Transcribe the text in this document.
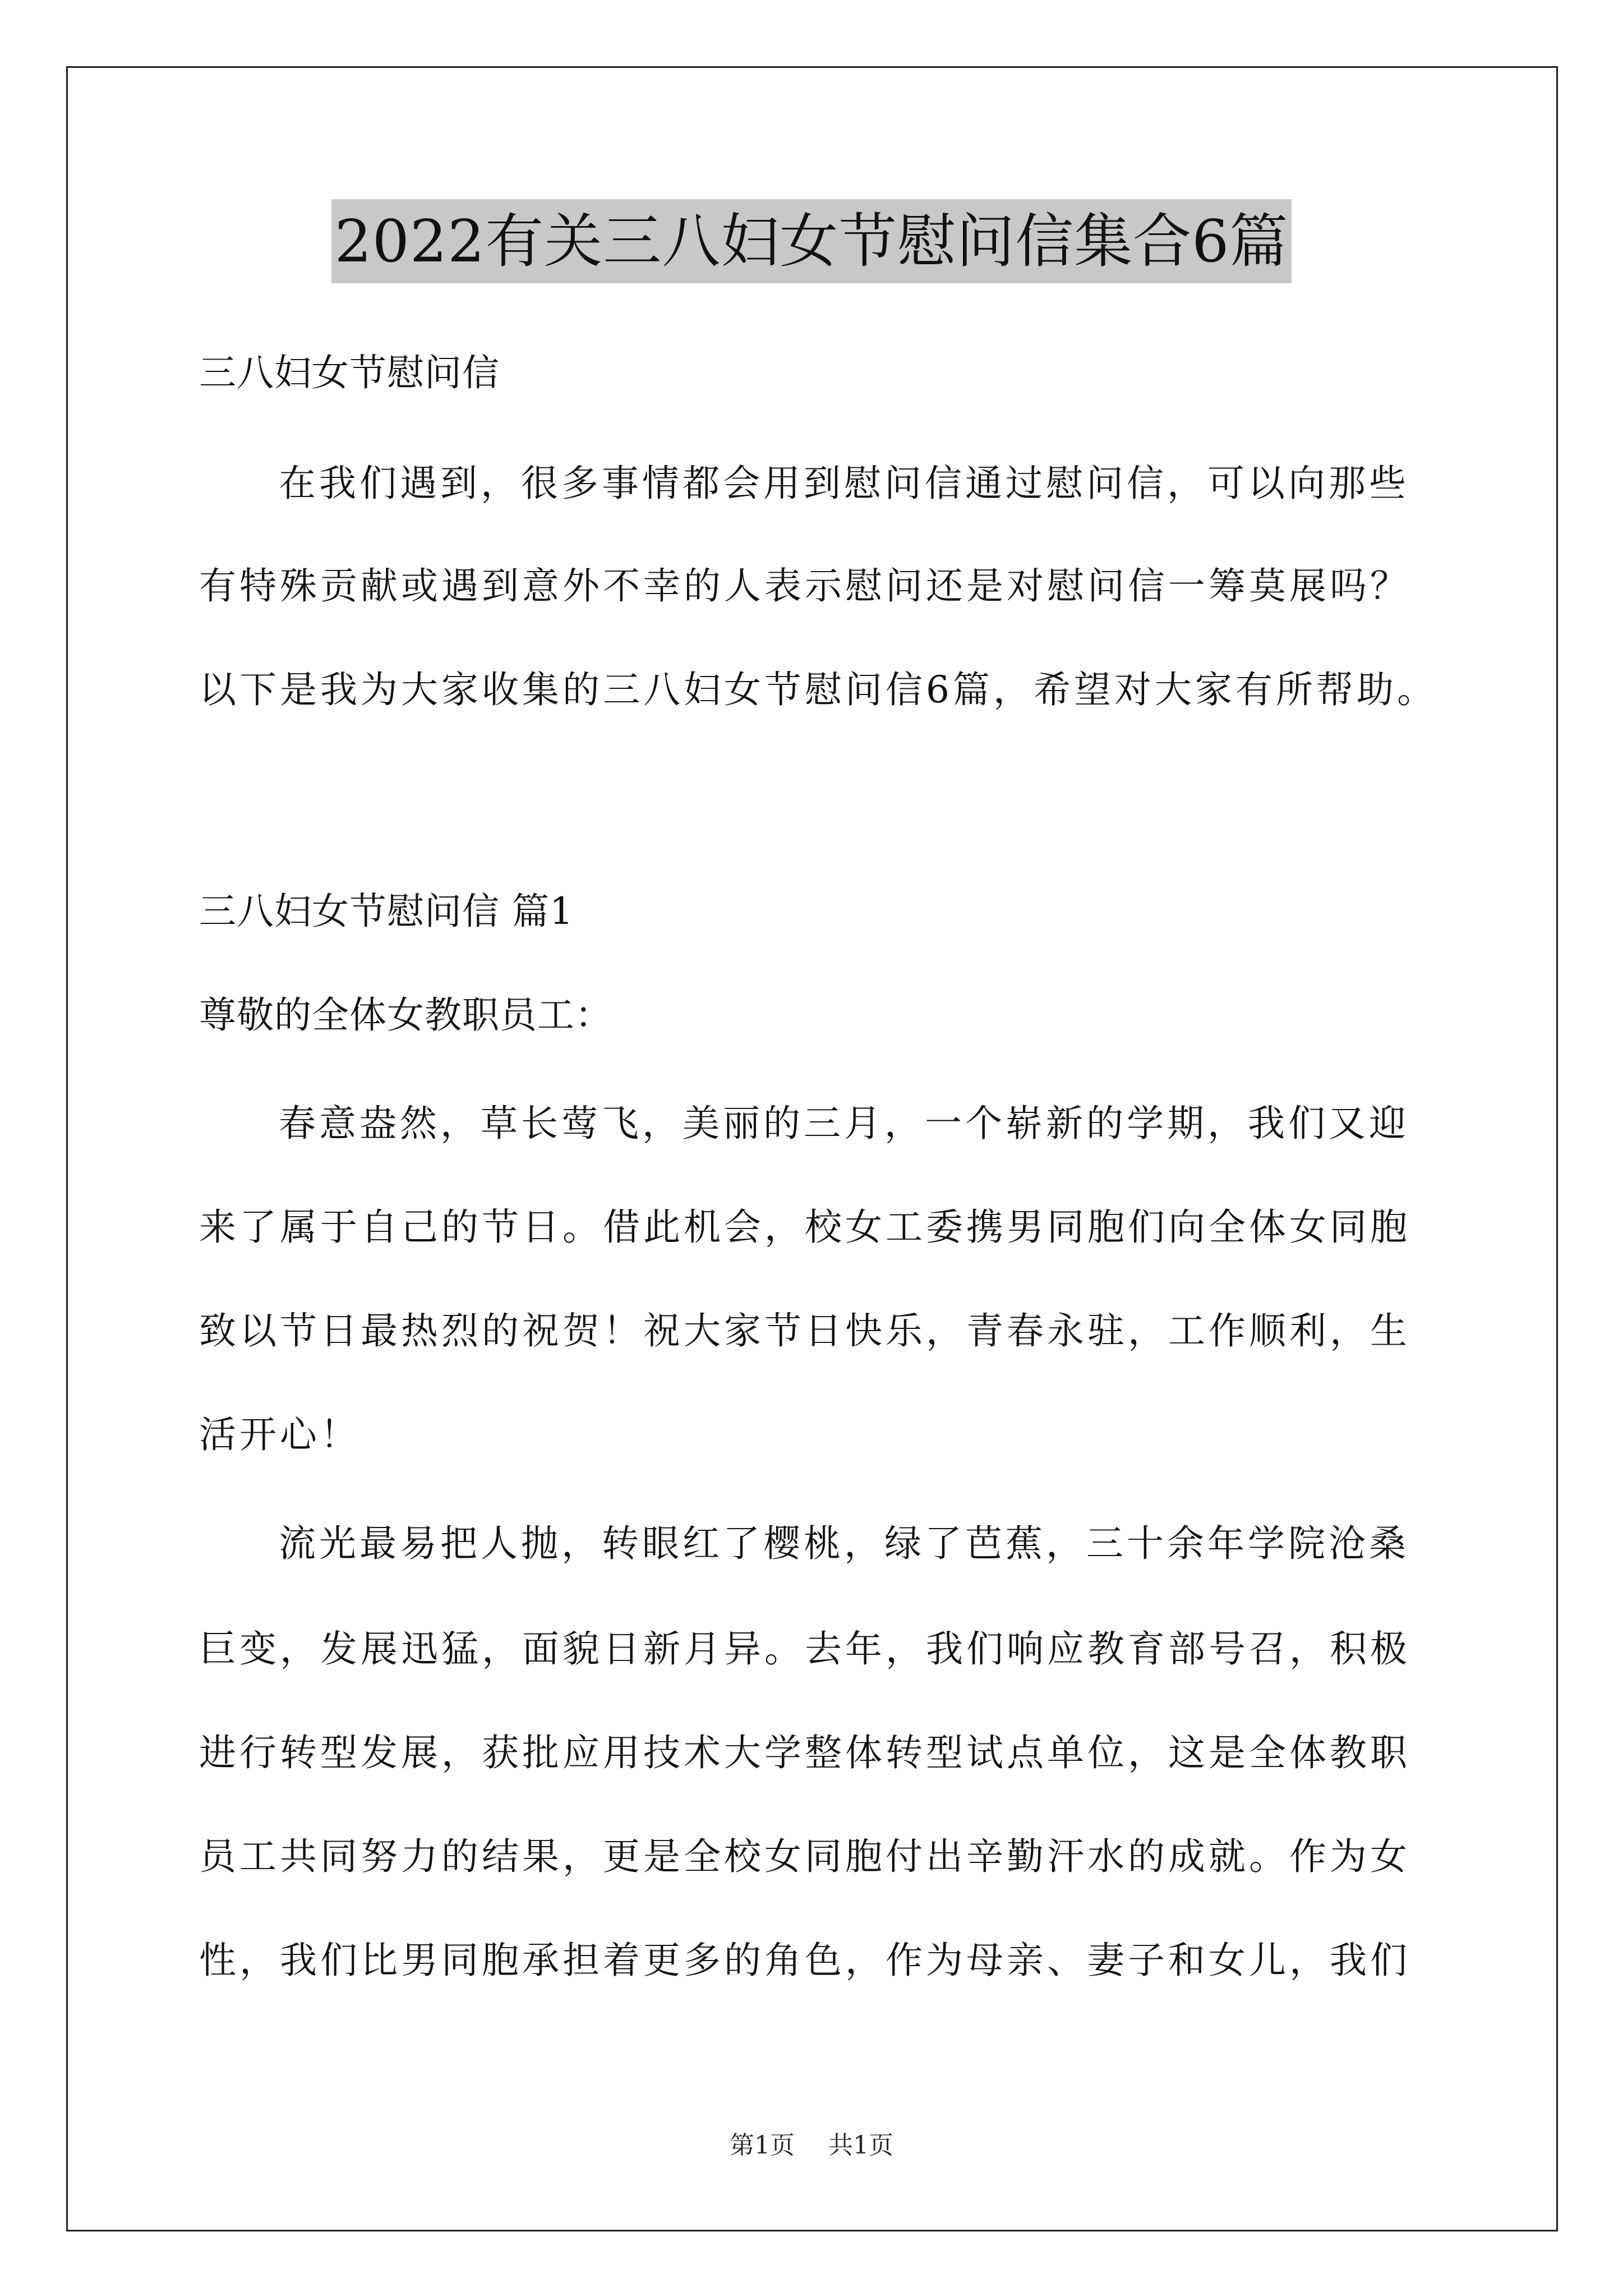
2022有关三八妇女节慰问信集合6篇
三八妇女节慰问信
在我们遇到，很多事情都会用到慰问信通过慰问信，可以向那些
有特殊贡献或遇到意外不幸的人表示慰问还是对慰问信一筹莫展吗？
以下是我为大家收集的三八妇女节慰问信6篇，希望对大家有所帮助。
三八妇女节慰问信 篇1
尊敬的全体女教职员工：
春意盎然，草长莺飞，美丽的三月，一个崭新的学期，我们又迎
来了属于自己的节日。借此机会，校女工委携男同胞们向全体女同胞
致以节日最热烈的祝贺！祝大家节日快乐，青春永驻，工作顺利，生
活开心！
流光最易把人抛，转眼红了樱桃，绿了芭蕉，三十余年学院沧桑
巨变，发展迅猛，面貌日新月异。去年，我们响应教育部号召，积极
进行转型发展，获批应用技术大学整体转型试点单位，这是全体教职
员工共同努力的结果，更是全校女同胞付出辛勤汗水的成就。作为女
性，我们比男同胞承担着更多的角色，作为母亲、妻子和女儿，我们
第1页 共1页
